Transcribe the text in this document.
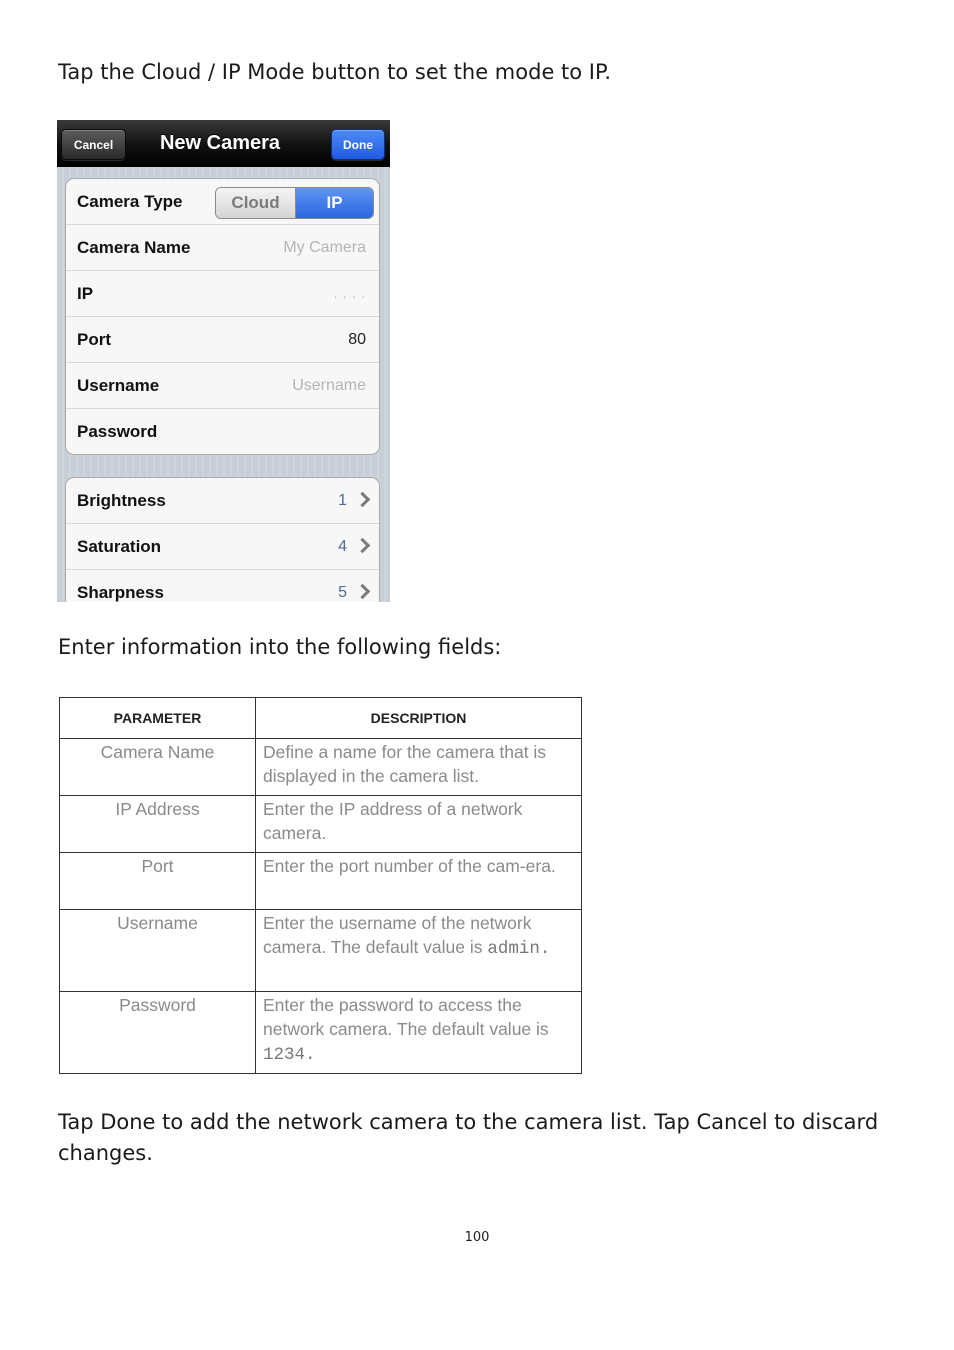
Tap the Cloud / IP Mode button to set the mode to IP.

Cancel	New Camera	Done
Camera Type	Cloud	IP
Camera Name	My Camera
IP	. . . .
Port	80
Username	Username
Password
Brightness	1
Saturation	4
Sharpness	5

Enter information into the following fields:

PARAMETER	DESCRIPTION
Camera Name	Define a name for the camera that is displayed in the camera list.
IP Address	Enter the IP address of a network camera.
Port	Enter the port number of the cam-era.
Username	Enter the username of the network camera. The default value is admin.
Password	Enter the password to access the network camera. The default value is 1234.

Tap Done to add the network camera to the camera list. Tap Cancel to discard changes.

100
